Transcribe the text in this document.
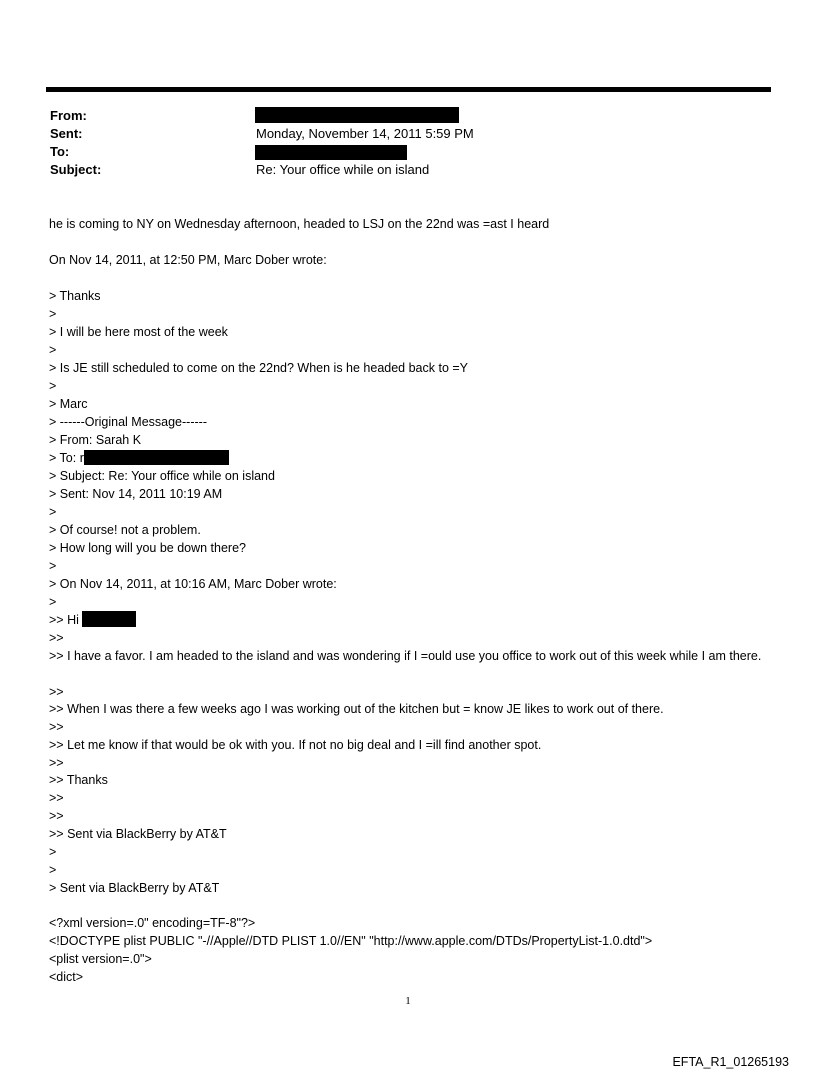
From:
Sent:	Monday, November 14, 2011 5:59 PM
To:
Subject:	Re: Your office while on island
he is coming to NY on Wednesday afternoon, headed to LSJ on the 22nd was =ast I heard
On Nov 14, 2011, at 12:50 PM, Marc Dober wrote:
> Thanks
>
> I will be here most of the week
>
> Is JE still scheduled to come on the 22nd? When is he headed back to =Y
>
> Marc
> ------Original Message------
> From: Sarah K
> To: r
> Subject: Re: Your office while on island
> Sent: Nov 14, 2011 10:19 AM
>
> Of course! not a problem.
> How long will you be down there?
>
> On Nov 14, 2011, at 10:16 AM, Marc Dober wrote:
>
>> Hi
>>
>> I have a favor. I am headed to the island and was wondering if I =ould use you office to work out of this week while I am there.
>>
>> When I was there a few weeks ago I was working out of the kitchen but = know JE likes to work out of there.
>>
>> Let me know if that would be ok with you. If not no big deal and I =ill find another spot.
>>
>> Thanks
>>
>>
>> Sent via BlackBerry by AT&T
>
>
> Sent via BlackBerry by AT&T
<?xml version=.0" encoding=TF-8"?>
<!DOCTYPE plist PUBLIC "-//Apple//DTD PLIST 1.0//EN" "http://www.apple.com/DTDs/PropertyList-1.0.dtd">
<plist version=.0">
<dict>
1
EFTA_R1_01265193
